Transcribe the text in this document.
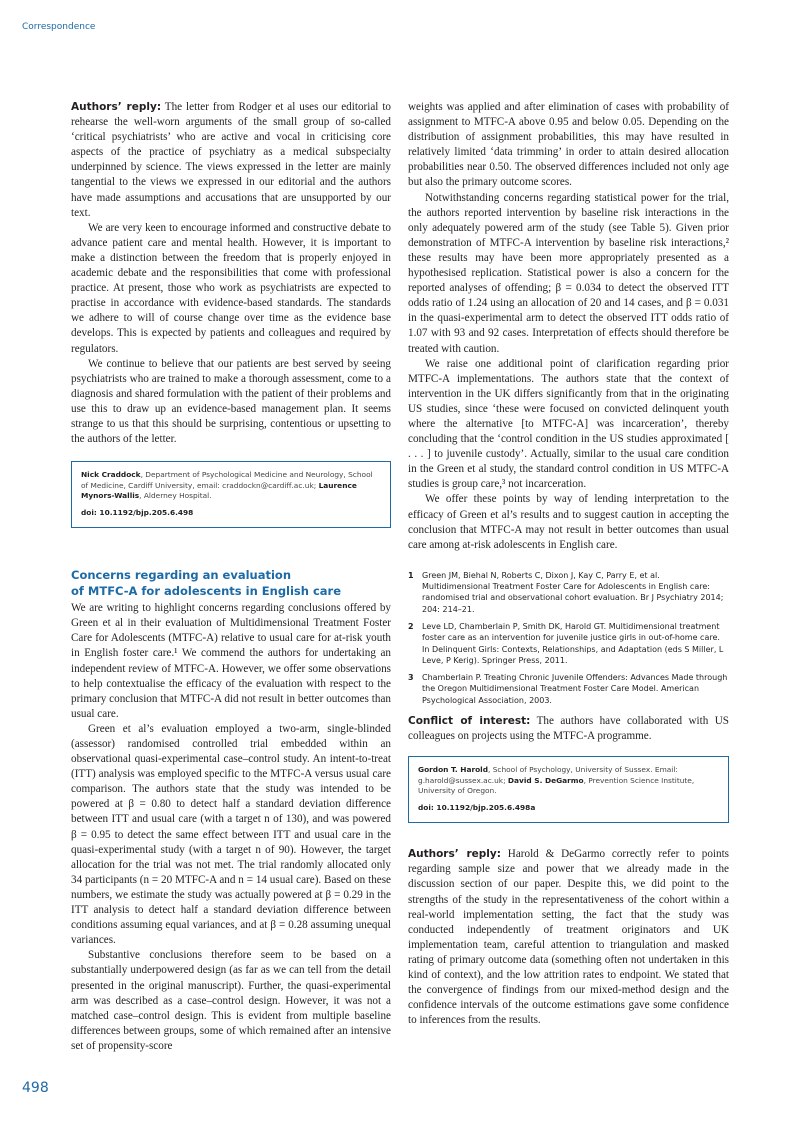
Correspondence

Authors’ reply: The letter from Rodger et al uses our editorial to rehearse the well-worn arguments of the small group of so-called ‘critical psychiatrists’ who are active and vocal in criticising core aspects of the practice of psychiatry as a medical subspecialty underpinned by science. The views expressed in the letter are mainly tangential to the views we expressed in our editorial and the authors have made assumptions and accusations that are unsupported by our text.

We are very keen to encourage informed and constructive debate to advance patient care and mental health. However, it is important to make a distinction between the freedom that is properly enjoyed in academic debate and the responsibilities that come with professional practice. At present, those who work as psychiatrists are expected to practise in accordance with evidence-based standards. The standards we adhere to will of course change over time as the evidence base develops. This is expected by patients and colleagues and required by regulators.

We continue to believe that our patients are best served by seeing psychiatrists who are trained to make a thorough assessment, come to a diagnosis and shared formulation with the patient of their problems and use this to draw up an evidence-based management plan. It seems strange to us that this should be surprising, contentious or upsetting to the authors of the letter.

Nick Craddock, Department of Psychological Medicine and Neurology, School of Medicine, Cardiff University, email: craddockn@cardiff.ac.uk; Laurence Mynors-Wallis, Alderney Hospital.
doi: 10.1192/bjp.205.6.498
Concerns regarding an evaluation
of MTFC-A for adolescents in English care

We are writing to highlight concerns regarding conclusions offered by Green et al in their evaluation of Multidimensional Treatment Foster Care for Adolescents (MTFC-A) relative to usual care for at-risk youth in English foster care.¹ We commend the authors for undertaking an independent review of MTFC-A. However, we offer some observations to help contextualise the efficacy of the evaluation with respect to the primary conclusion that MTFC-A did not result in better outcomes than usual care.

Green et al’s evaluation employed a two-arm, single-blinded (assessor) randomised controlled trial embedded within an observational quasi-experimental case–control study. An intent-to-treat (ITT) analysis was employed specific to the MTFC-A versus usual care comparison. The authors state that the study was intended to be powered at β = 0.80 to detect half a standard deviation difference between ITT and usual care (with a target n of 130), and was powered β = 0.95 to detect the same effect between ITT and usual care in the quasi-experimental study (with a target n of 90). However, the target allocation for the trial was not met. The trial randomly allocated only 34 participants (n = 20 MTFC-A and n = 14 usual care). Based on these numbers, we estimate the study was actually powered at β = 0.29 in the ITT analysis to detect half a standard deviation difference between conditions assuming equal variances, and at β = 0.28 assuming unequal variances.

Substantive conclusions therefore seem to be based on a substantially underpowered design (as far as we can tell from the detail presented in the original manuscript). Further, the quasi-experimental arm was described as a case–control design. However, it was not a matched case–control design. This is evident from multiple baseline differences between groups, some of which remained after an intensive set of propensity-score

weights was applied and after elimination of cases with probability of assignment to MTFC-A above 0.95 and below 0.05. Depending on the distribution of assignment probabilities, this may have resulted in relatively limited ‘data trimming’ in order to attain desired allocation probabilities near 0.50. The observed differences included not only age but also the primary outcome scores.

Notwithstanding concerns regarding statistical power for the trial, the authors reported intervention by baseline risk interactions in the only adequately powered arm of the study (see Table 5). Given prior demonstration of MTFC-A intervention by baseline risk interactions,² these results may have been more appropriately presented as a hypothesised replication. Statistical power is also a concern for the reported analyses of offending; β = 0.034 to detect the observed ITT odds ratio of 1.24 using an allocation of 20 and 14 cases, and β = 0.031 in the quasi-experimental arm to detect the observed ITT odds ratio of 1.07 with 93 and 92 cases. Interpretation of effects should therefore be treated with caution.

We raise one additional point of clarification regarding prior MTFC-A implementations. The authors state that the context of intervention in the UK differs significantly from that in the originating US studies, since ‘these were focused on convicted delinquent youth where the alternative [to MTFC-A] was incarceration’, thereby concluding that the ‘control condition in the US studies approximated [ . . . ] to juvenile custody’. Actually, similar to the usual care condition in the Green et al study, the standard control condition in US MTFC-A studies is group care,³ not incarceration.

We offer these points by way of lending interpretation to the efficacy of Green et al’s results and to suggest caution in accepting the conclusion that MTFC-A may not result in better outcomes than usual care among at-risk adolescents in English care.

1 Green JM, Biehal N, Roberts C, Dixon J, Kay C, Parry E, et al. Multidimensional Treatment Foster Care for Adolescents in English care: randomised trial and observational cohort evaluation. Br J Psychiatry 2014; 204: 214–21.
2 Leve LD, Chamberlain P, Smith DK, Harold GT. Multidimensional treatment foster care as an intervention for juvenile justice girls in out-of-home care. In Delinquent Girls: Contexts, Relationships, and Adaptation (eds S Miller, L Leve, P Kerig). Springer Press, 2011.
3 Chamberlain P. Treating Chronic Juvenile Offenders: Advances Made through the Oregon Multidimensional Treatment Foster Care Model. American Psychological Association, 2003.

Conflict of interest: The authors have collaborated with US colleagues on projects using the MTFC-A programme.

Gordon T. Harold, School of Psychology, University of Sussex. Email: g.harold@sussex.ac.uk; David S. DeGarmo, Prevention Science Institute, University of Oregon.
doi: 10.1192/bjp.205.6.498a

Authors’ reply: Harold & DeGarmo correctly refer to points regarding sample size and power that we already made in the discussion section of our paper. Despite this, we did point to the strengths of the study in the representativeness of the cohort within a real-world implementation setting, the fact that the study was conducted independently of treatment originators and UK implementation team, careful attention to triangulation and masked rating of primary outcome data (something often not undertaken in this kind of context), and the low attrition rates to endpoint. We stated that the convergence of findings from our mixed-method design and the confidence intervals of the outcome estimations gave some confidence to inferences from the results.

498
